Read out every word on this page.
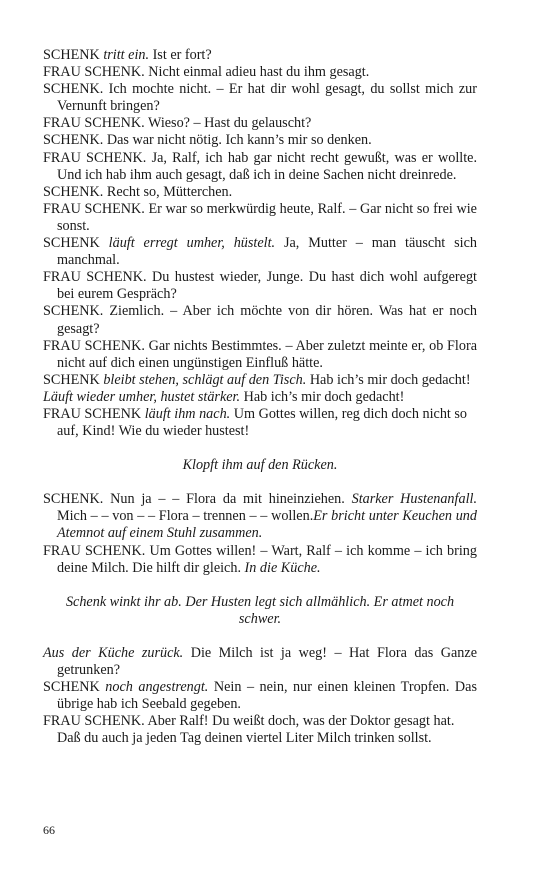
SCHENK tritt ein. Ist er fort?

FRAU SCHENK. Nicht einmal adieu hast du ihm gesagt.

SCHENK. Ich mochte nicht. – Er hat dir wohl gesagt, du sollst mich zur Vernunft bringen?

FRAU SCHENK. Wieso? – Hast du gelauscht?

SCHENK. Das war nicht nötig. Ich kann’s mir so denken.

FRAU SCHENK. Ja, Ralf, ich hab gar nicht recht gewußt, was er wollte. Und ich hab ihm auch gesagt, daß ich in deine Sachen nicht dreinrede.

SCHENK. Recht so, Mütterchen.

FRAU SCHENK. Er war so merkwürdig heute, Ralf. – Gar nicht so frei wie sonst.

SCHENK läuft erregt umher, hüstelt. Ja, Mutter – man täuscht sich manchmal.

FRAU SCHENK. Du hustest wieder, Junge. Du hast dich wohl aufgeregt bei eurem Gespräch?

SCHENK. Ziemlich. – Aber ich möchte von dir hören. Was hat er noch gesagt?

FRAU SCHENK. Gar nichts Bestimmtes. – Aber zuletzt meinte er, ob Flora nicht auf dich einen ungünstigen Einfluß hätte.

SCHENK bleibt stehen, schlägt auf den Tisch. Hab ich’s mir doch gedacht!

Läuft wieder umher, hustet stärker. Hab ich’s mir doch gedacht!

FRAU SCHENK läuft ihm nach. Um Gottes willen, reg dich doch nicht so auf, Kind! Wie du wieder hustest!

Klopft ihm auf den Rücken.

SCHENK. Nun ja – – Flora da mit hineinziehen. Starker Hustenanfall. Mich – – von – – Flora – trennen – – wollen.Er bricht unter Keuchen und Atemnot auf einem Stuhl zusammen.

FRAU SCHENK. Um Gottes willen! – Wart, Ralf – ich komme – ich bring deine Milch. Die hilft dir gleich. In die Küche.

Schenk winkt ihr ab. Der Husten legt sich allmählich. Er atmet noch schwer.

Aus der Küche zurück. Die Milch ist ja weg! – Hat Flora das Ganze getrunken?

SCHENK noch angestrengt. Nein – nein, nur einen kleinen Tropfen. Das übrige hab ich Seebald gegeben.

FRAU SCHENK. Aber Ralf! Du weißt doch, was der Doktor gesagt hat. Daß du auch ja jeden Tag deinen viertel Liter Milch trinken sollst.

66
